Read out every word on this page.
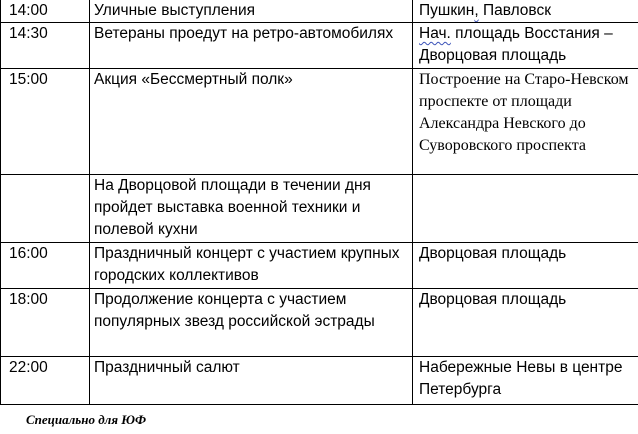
14:00	Уличные выступления	Пушкин, Павловск
14:30	Ветераны проедут на ретро-автомобилях	Нач. площадь Восстания – Дворцовая площадь
15:00	Акция «Бессмертный полк»	Построение на Старо-Невском проспекте от площади Александра Невского до Суворовского проспекта
	На Дворцовой площади в течении дня пройдет выставка военной техники и полевой кухни	
16:00	Праздничный концерт с участием крупных городских коллективов	Дворцовая площадь
18:00	Продолжение концерта с участием популярных звезд российской эстрады	Дворцовая площадь
22:00	Праздничный салют	Набережные Невы в центре Петербурга
Специально для ЮФ
